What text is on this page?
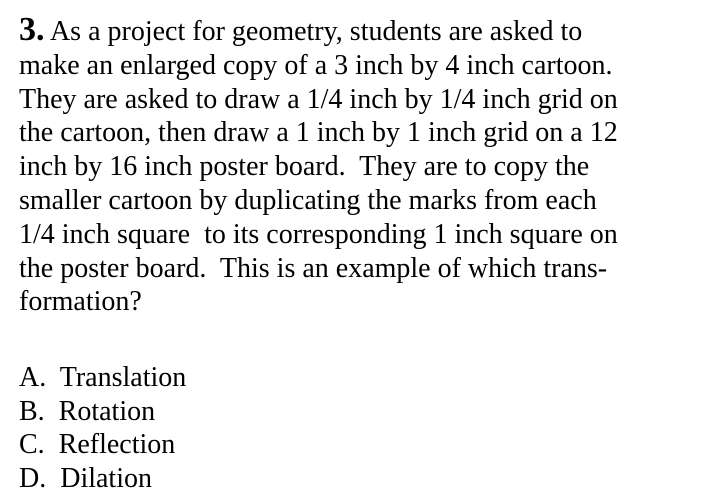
3. As a project for geometry, students are asked to
make an enlarged copy of a 3 inch by 4 inch cartoon.
They are asked to draw a 1/4 inch by 1/4 inch grid on
the cartoon, then draw a 1 inch by 1 inch grid on a 12
inch by 16 inch poster board.  They are to copy the
smaller cartoon by duplicating the marks from each
1/4 inch square  to its corresponding 1 inch square on
the poster board.  This is an example of which trans-
formation?
A.  Translation
B.  Rotation
C.  Reflection
D.  Dilation
